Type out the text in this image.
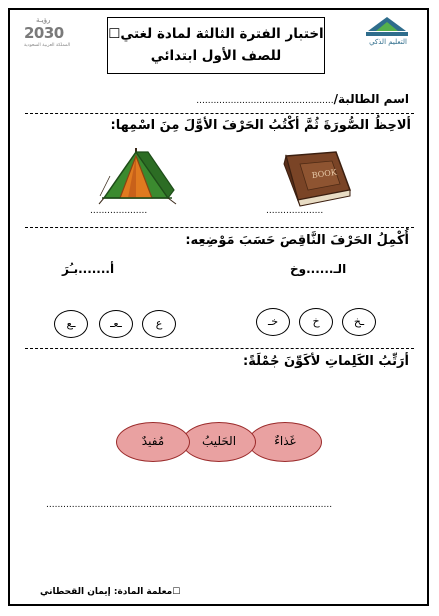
رؤيـة
2030
المملكة العربية السعودية	التعليم الذكي
اختبار الفترة الثالثة لمادة لغتي☐
للصف الأول ابتدائي
اسم الطالبة/................................................
ألاحِظُ الصُّورَةَ ثُمَّ أكْتُبُ الحَرْفَ الأوَّلَ مِنَ اسْمِها:
....................
BOOK
....................
أُكْمِلُ الحَرْفَ النَّاقِصَ حَسَبَ مَوْضِعِه:
الـ......وخ
أ.......بـُرَ
ـخ
خ
خـ
ع
ـعـ
ـع
أرَتِّبُ الكَلِماتِ لأكَوِّنَ جُمْلَةً:
غَذاءٌ
الحَليبُ
مُفيدٌ
....................................................................................................
☐معلمة المادة: إيمان القحطاني
